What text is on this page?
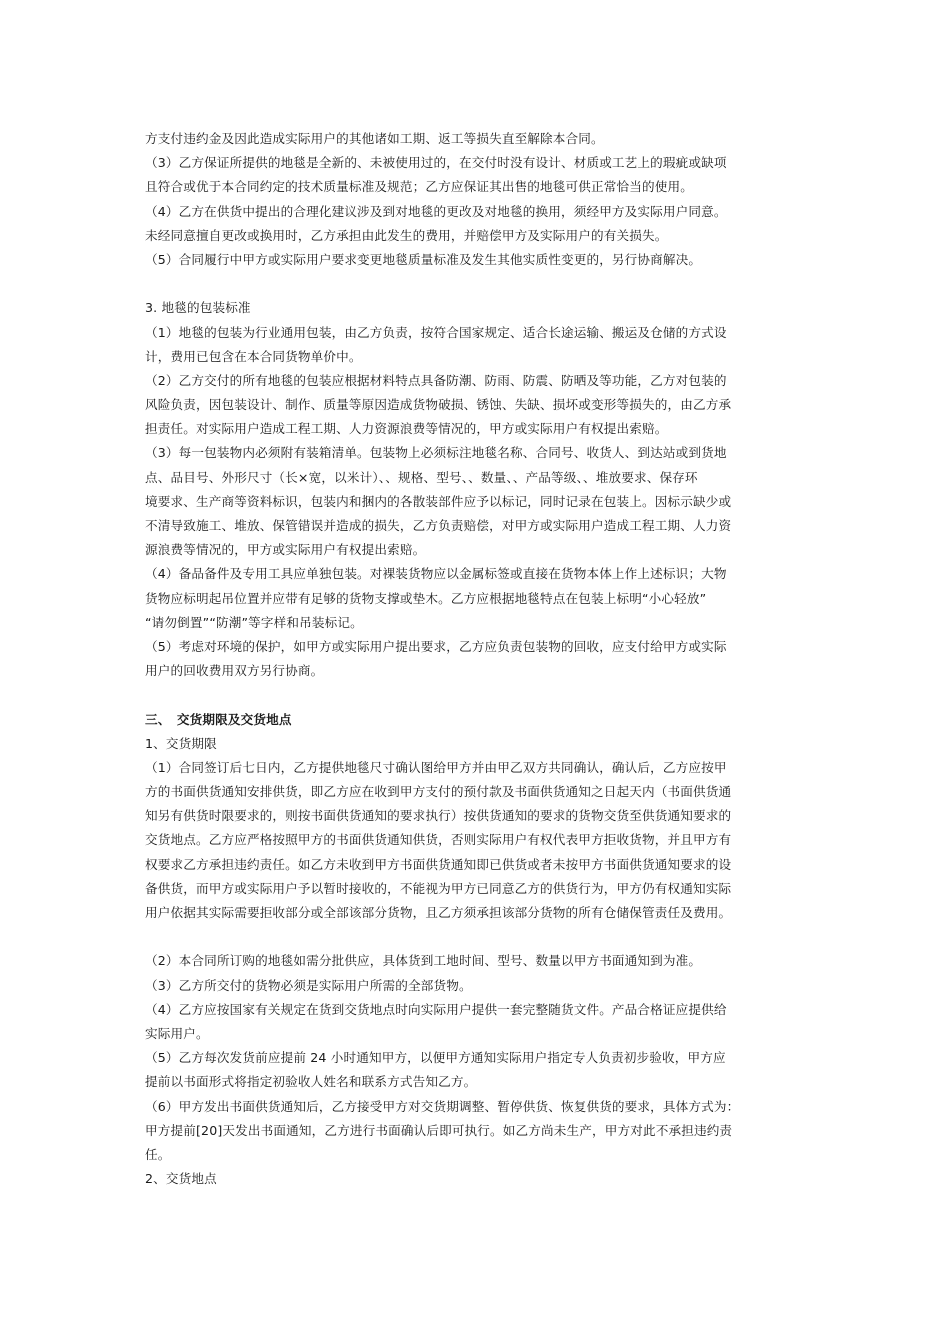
方支付违约金及因此造成实际用户的其他诸如工期、返工等损失直至解除本合同。
（3）乙方保证所提供的地毯是全新的、未被使用过的，在交付时没有设计、材质或工艺上的瑕疵或缺项
且符合或优于本合同约定的技术质量标准及规范；乙方应保证其出售的地毯可供正常恰当的使用。
（4）乙方在供货中提出的合理化建议涉及到对地毯的更改及对地毯的换用，须经甲方及实际用户同意。
未经同意擅自更改或换用时，乙方承担由此发生的费用，并赔偿甲方及实际用户的有关损失。
（5）合同履行中甲方或实际用户要求变更地毯质量标准及发生其他实质性变更的，另行协商解决。
3. 地毯的包装标准
（1）地毯的包装为行业通用包装，由乙方负责，按符合国家规定、适合长途运输、搬运及仓储的方式设
计，费用已包含在本合同货物单价中。
（2）乙方交付的所有地毯的包装应根据材料特点具备防潮、防雨、防震、防晒及等功能，乙方对包装的
风险负责，因包装设计、制作、质量等原因造成货物破损、锈蚀、失缺、损坏或变形等损失的，由乙方承
担责任。对实际用户造成工程工期、人力资源浪费等情况的，甲方或实际用户有权提出索赔。
（3）每一包装物内必须附有装箱清单。包装物上必须标注地毯名称、合同号、收货人、到达站或到货地
点、品目号、外形尺寸（长×宽，以米计）、、规格、型号、、数量、、产品等级、、堆放要求、保存环
境要求、生产商等资料标识，包装内和捆内的各散装部件应予以标记，同时记录在包装上。因标示缺少或
不清导致施工、堆放、保管错误并造成的损失，乙方负责赔偿，对甲方或实际用户造成工程工期、人力资
源浪费等情况的，甲方或实际用户有权提出索赔。
（4）备品备件及专用工具应单独包装。对裸装货物应以金属标签或直接在货物本体上作上述标识；大物
货物应标明起吊位置并应带有足够的货物支撑或垫木。乙方应根据地毯特点在包装上标明“小心轻放”
“请勿倒置”“防潮”等字样和吊装标记。
（5）考虑对环境的保护，如甲方或实际用户提出要求，乙方应负责包装物的回收，应支付给甲方或实际
用户的回收费用双方另行协商。
三、　交货期限及交货地点
1、交货期限
（1）合同签订后七日内，乙方提供地毯尺寸确认图给甲方并由甲乙双方共同确认，确认后，乙方应按甲
方的书面供货通知安排供货，即乙方应在收到甲方支付的预付款及书面供货通知之日起天内（书面供货通
知另有供货时限要求的，则按书面供货通知的要求执行）按供货通知的要求的货物交货至供货通知要求的
交货地点。乙方应严格按照甲方的书面供货通知供货，否则实际用户有权代表甲方拒收货物，并且甲方有
权要求乙方承担违约责任。如乙方未收到甲方书面供货通知即已供货或者未按甲方书面供货通知要求的设
备供货，而甲方或实际用户予以暂时接收的，不能视为甲方已同意乙方的供货行为，甲方仍有权通知实际
用户依据其实际需要拒收部分或全部该部分货物，且乙方须承担该部分货物的所有仓储保管责任及费用。
（2）本合同所订购的地毯如需分批供应，具体货到工地时间、型号、数量以甲方书面通知到为准。
（3）乙方所交付的货物必须是实际用户所需的全部货物。
（4）乙方应按国家有关规定在货到交货地点时向实际用户提供一套完整随货文件。产品合格证应提供给
实际用户。
（5）乙方每次发货前应提前 24 小时通知甲方，以便甲方通知实际用户指定专人负责初步验收，甲方应
提前以书面形式将指定初验收人姓名和联系方式告知乙方。
（6）甲方发出书面供货通知后，乙方接受甲方对交货期调整、暂停供货、恢复供货的要求，具体方式为：
甲方提前[20]天发出书面通知，乙方进行书面确认后即可执行。如乙方尚未生产，甲方对此不承担违约责
任。
2、交货地点
